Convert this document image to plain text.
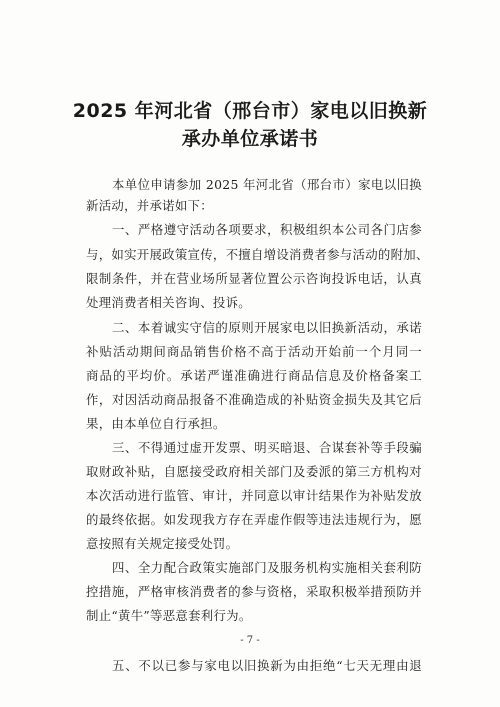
2025 年河北省（邢台市）家电以旧换新
承办单位承诺书
本单位申请参加 2025 年河北省（邢台市）家电以旧换
新活动，并承诺如下：
一、严格遵守活动各项要求，积极组织本公司各门店参
与，如实开展政策宣传，不擅自增设消费者参与活动的附加、
限制条件，并在营业场所显著位置公示咨询投诉电话，认真
处理消费者相关咨询、投诉。
二、本着诚实守信的原则开展家电以旧换新活动，承诺
补贴活动期间商品销售价格不高于活动开始前一个月同一
商品的平均价。承诺严谨准确进行商品信息及价格备案工
作，对因活动商品报备不准确造成的补贴资金损失及其它后
果，由本单位自行承担。
三、不得通过虚开发票、明买暗退、合谋套补等手段骗
取财政补贴，自愿接受政府相关部门及委派的第三方机构对
本次活动进行监管、审计，并同意以审计结果作为补贴发放
的最终依据。如发现我方存在弄虚作假等违法违规行为，愿
意按照有关规定接受处罚。
四、全力配合政策实施部门及服务机构实施相关套利防
控措施，严格审核消费者的参与资格，采取积极举措预防并
制止“黄牛”等恶意套利行为。
- 7 -
五、不以已参与家电以旧换新为由拒绝“七天无理由退
